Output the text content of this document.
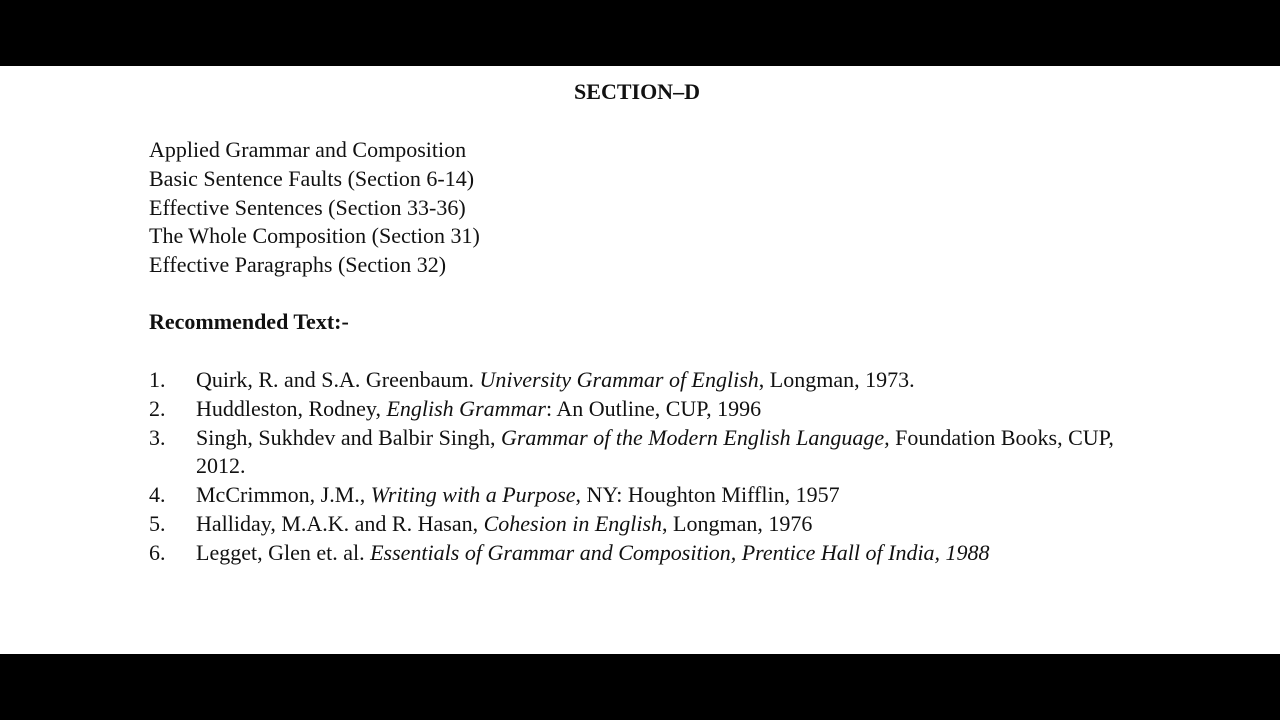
SECTION–D
Applied Grammar and Composition
Basic Sentence Faults (Section 6-14)
Effective Sentences (Section 33-36)
The Whole Composition (Section 31)
Effective Paragraphs (Section 32)
Recommended Text:-
1.	Quirk, R. and S.A. Greenbaum. University Grammar of English, Longman, 1973.
2.	Huddleston, Rodney, English Grammar: An Outline, CUP, 1996
3.	Singh, Sukhdev and Balbir Singh, Grammar of the Modern English Language, Foundation Books, CUP, 2012.
4.	McCrimmon, J.M., Writing with a Purpose, NY: Houghton Mifflin, 1957
5.	Halliday, M.A.K. and R. Hasan, Cohesion in English, Longman, 1976
6.	Legget, Glen et. al. Essentials of Grammar and Composition, Prentice Hall of India, 1988
